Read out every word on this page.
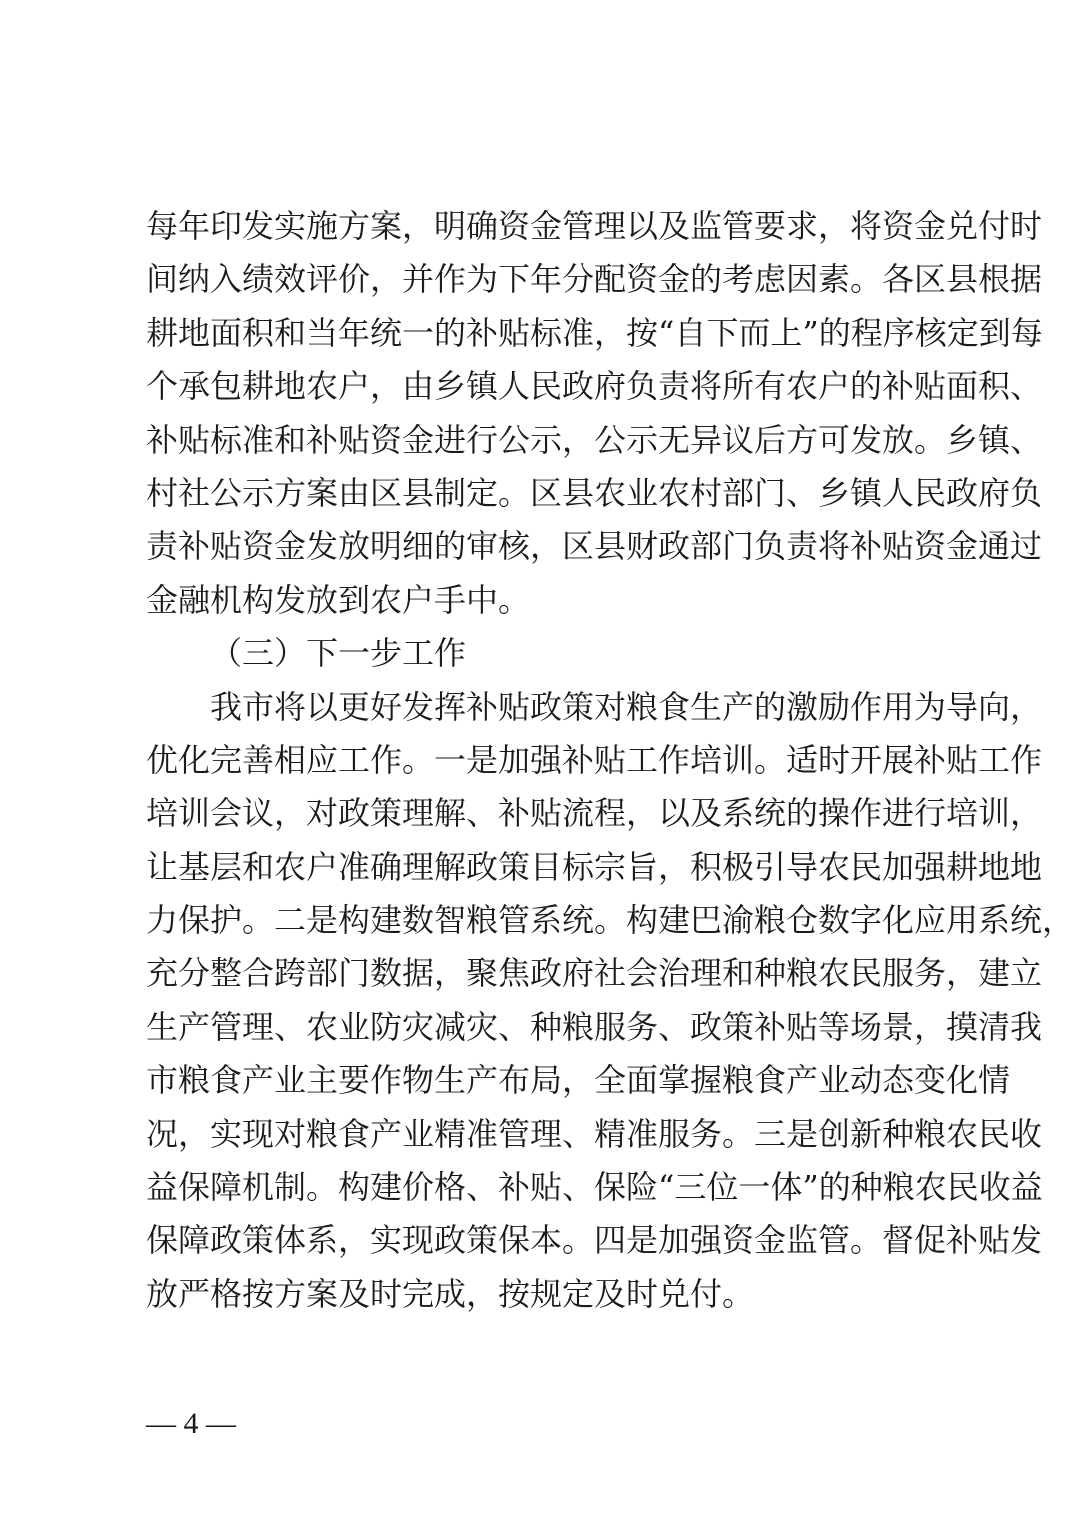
每年印发实施方案，明确资金管理以及监管要求，将资金兑付时
间纳入绩效评价，并作为下年分配资金的考虑因素。各区县根据
耕地面积和当年统一的补贴标准，按“自下而上”的程序核定到每
个承包耕地农户，由乡镇人民政府负责将所有农户的补贴面积、
补贴标准和补贴资金进行公示，公示无异议后方可发放。乡镇、
村社公示方案由区县制定。区县农业农村部门、乡镇人民政府负
责补贴资金发放明细的审核，区县财政部门负责将补贴资金通过
金融机构发放到农户手中。
（三）下一步工作
我市将以更好发挥补贴政策对粮食生产的激励作用为导向，
优化完善相应工作。一是加强补贴工作培训。适时开展补贴工作
培训会议，对政策理解、补贴流程，以及系统的操作进行培训，
让基层和农户准确理解政策目标宗旨，积极引导农民加强耕地地
力保护。二是构建数智粮管系统。构建巴渝粮仓数字化应用系统，
充分整合跨部门数据，聚焦政府社会治理和种粮农民服务，建立
生产管理、农业防灾减灾、种粮服务、政策补贴等场景，摸清我
市粮食产业主要作物生产布局，全面掌握粮食产业动态变化情
况，实现对粮食产业精准管理、精准服务。三是创新种粮农民收
益保障机制。构建价格、补贴、保险“三位一体”的种粮农民收益
保障政策体系，实现政策保本。四是加强资金监管。督促补贴发
放严格按方案及时完成，按规定及时兑付。
— 4 —
